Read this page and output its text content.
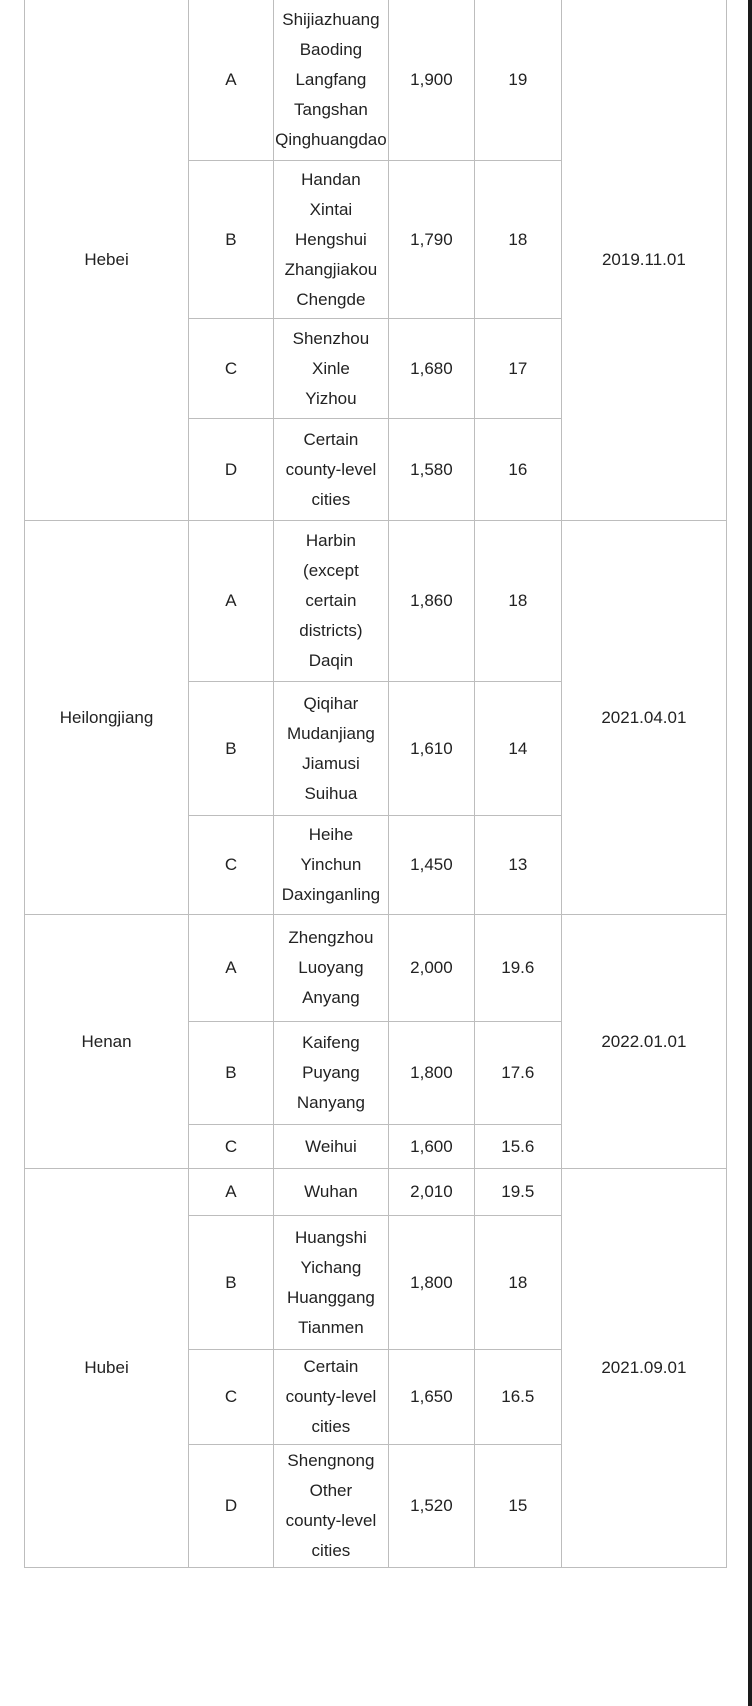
Hebei	A	Shijiazhuang
Baoding
Langfang
Tangshan
Qinghuangdao	1,900	19	2019.11.01
	B	Handan
Xintai
Hengshui
Zhangjiakou
Chengde	1,790	18	
	C	Shenzhou
Xinle
Yizhou	1,680	17	
	D	Certain
county-level
cities	1,580	16	
Heilongjiang	A	Harbin
(except
certain
districts)
Daqin	1,860	18	2021.04.01
	B	Qiqihar
Mudanjiang
Jiamusi
Suihua	1,610	14	
	C	Heihe
Yinchun
Daxinganling	1,450	13	
Henan	A	Zhengzhou
Luoyang
Anyang	2,000	19.6	2022.01.01
	B	Kaifeng
Puyang
Nanyang	1,800	17.6	
	C	Weihui	1,600	15.6	
Hubei	A	Wuhan	2,010	19.5	2021.09.01
	B	Huangshi
Yichang
Huanggang
Tianmen	1,800	18	
	C	Certain
county-level
cities	1,650	16.5	
	D	Shengnong
Other
county-level
cities	1,520	15	
